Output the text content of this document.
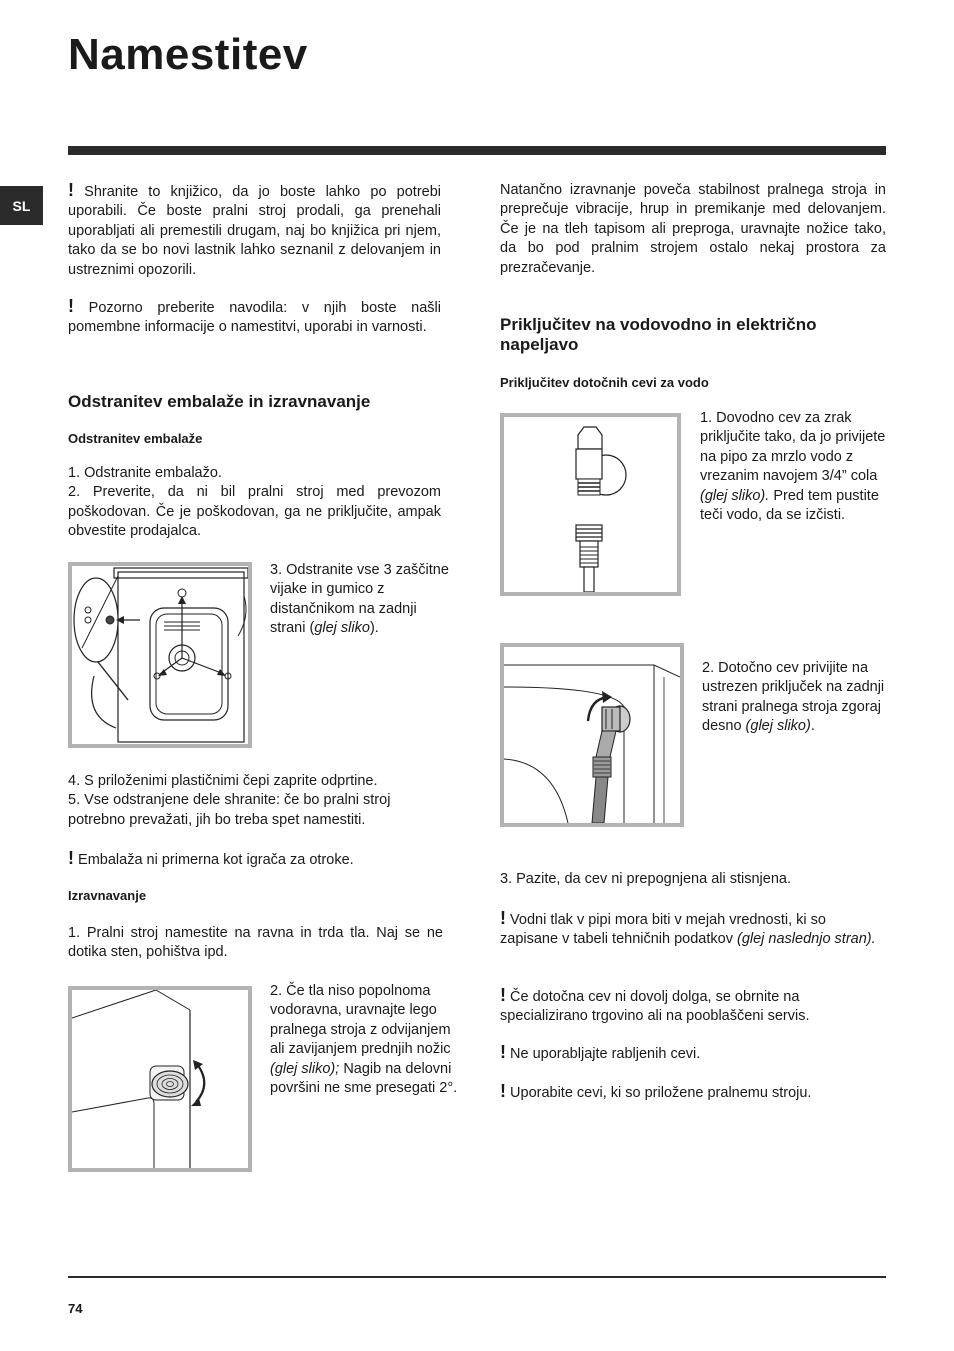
Namestitev
SL

! Shranite to knjižico, da jo boste lahko po potrebi uporabili. Če boste pralni stroj prodali, ga prenehali uporabljati ali premestili drugam, naj bo knjižica pri njem, tako da se bo novi lastnik lahko seznanil z delovanjem in ustreznimi opozorili.

! Pozorno preberite navodila: v njih boste našli pomembne informacije o namestitvi, uporabi in varnosti.

Odstranitev embalaže in izravnavanje
Odstranitev embalaže

1. Odstranite embalažo.
2. Preverite, da ni bil pralni stroj med prevozom poškodovan. Če je poškodovan, ga ne priključite, ampak obvestite prodajalca.

3. Odstranite vse 3 zaščitne vijake in gumico z distančnikom na zadnji strani (glej sliko).

4. S priloženimi plastičnimi čepi zaprite odprtine.
5. Vse odstranjene dele shranite: če bo pralni stroj potrebno prevažati, jih bo treba spet namestiti.

! Embalaža ni primerna kot igrača za otroke.

Izravnavanje

1. Pralni stroj namestite na ravna in trda tla. Naj se ne dotika sten, pohištva ipd.

2. Če tla niso popolnoma vodoravna, uravnajte lego pralnega stroja z odvijanjem ali zavijanjem prednjih nožic (glej sliko); Nagib na delovni površini ne sme presegati 2°.

Natančno izravnanje poveča stabilnost pralnega stroja in preprečuje vibracije, hrup in premikanje med delovanjem. Če je na tleh tapisom ali preproga, uravnajte nožice tako, da bo pod pralnim strojem ostalo nekaj prostora za prezračevanje.

Priključitev na vodovodno in električno napeljavo
Priključitev dotočnih cevi za vodo

1. Dovodno cev za zrak priključite tako, da jo privijete na pipo za mrzlo vodo z vrezanim navojem 3/4” cola (glej sliko). Pred tem pustite teči vodo, da se izčisti.

2. Dotočno cev privijite na ustrezen priključek na zadnji strani pralnega stroja zgoraj desno (glej sliko).

3. Pazite, da cev ni prepognjena ali stisnjena.

! Vodni tlak v pipi mora biti v mejah vrednosti, ki so zapisane v tabeli tehničnih podatkov (glej naslednjo stran).

! Če dotočna cev ni dovolj dolga, se obrnite na specializirano trgovino ali na pooblaščeni servis.

! Ne uporabljajte rabljenih cevi.

! Uporabite cevi, ki so priložene pralnemu stroju.

74
